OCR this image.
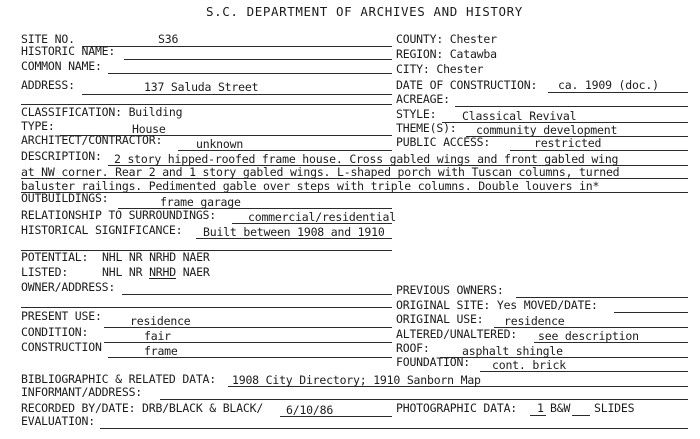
S.C. DEPARTMENT OF ARCHIVES AND HISTORY
SITE NO.	S36
HISTORIC NAME:
COMMON NAME:
ADDRESS:	137 Saluda Street
CLASSIFICATION: Building
TYPE:	House
ARCHITECT/CONTRACTOR:	unknown
COUNTY: Chester
REGION: Catawba
CITY: Chester
DATE OF CONSTRUCTION: ca. 1909 (doc.)
ACREAGE:
STYLE: Classical Revival
THEME(S): community development
PUBLIC ACCESS:	restricted
DESCRIPTION: 2 story hipped-roofed frame house. Cross gabled wings and front gabled wing
at NW corner. Rear 2 and 1 story gabled wings. L-shaped porch with Tuscan columns, turned
baluster railings. Pedimented gable over steps with triple columns. Double louvers in*
OUTBUILDINGS:	frame garage
RELATIONSHIP TO SURROUNDINGS:	commercial/residential
HISTORICAL SIGNIFICANCE: Built between 1908 and 1910
POTENTIAL: NHL NR NRHD NAER
LISTED:	NHL NR NRHD NAER
OWNER/ADDRESS:	PREVIOUS OWNERS:
ORIGINAL SITE: Yes MOVED/DATE:
ORIGINAL USE: residence
ALTERED/UNALTERED: see description
ROOF:	asphalt shingle
FOUNDATION: cont. brick
PRESENT USE: residence
CONDITION:	fair
CONSTRUCTION	frame
BIBLIOGRAPHIC & RELATED DATA: 1908 City Directory; 1910 Sanborn Map
INFORMANT/ADDRESS:
RECORDED BY/DATE: DRB/BLACK & BLACK/ 6/10/86	PHOTOGRAPHIC DATA: 1 B&W SLIDES
EVALUATION:
